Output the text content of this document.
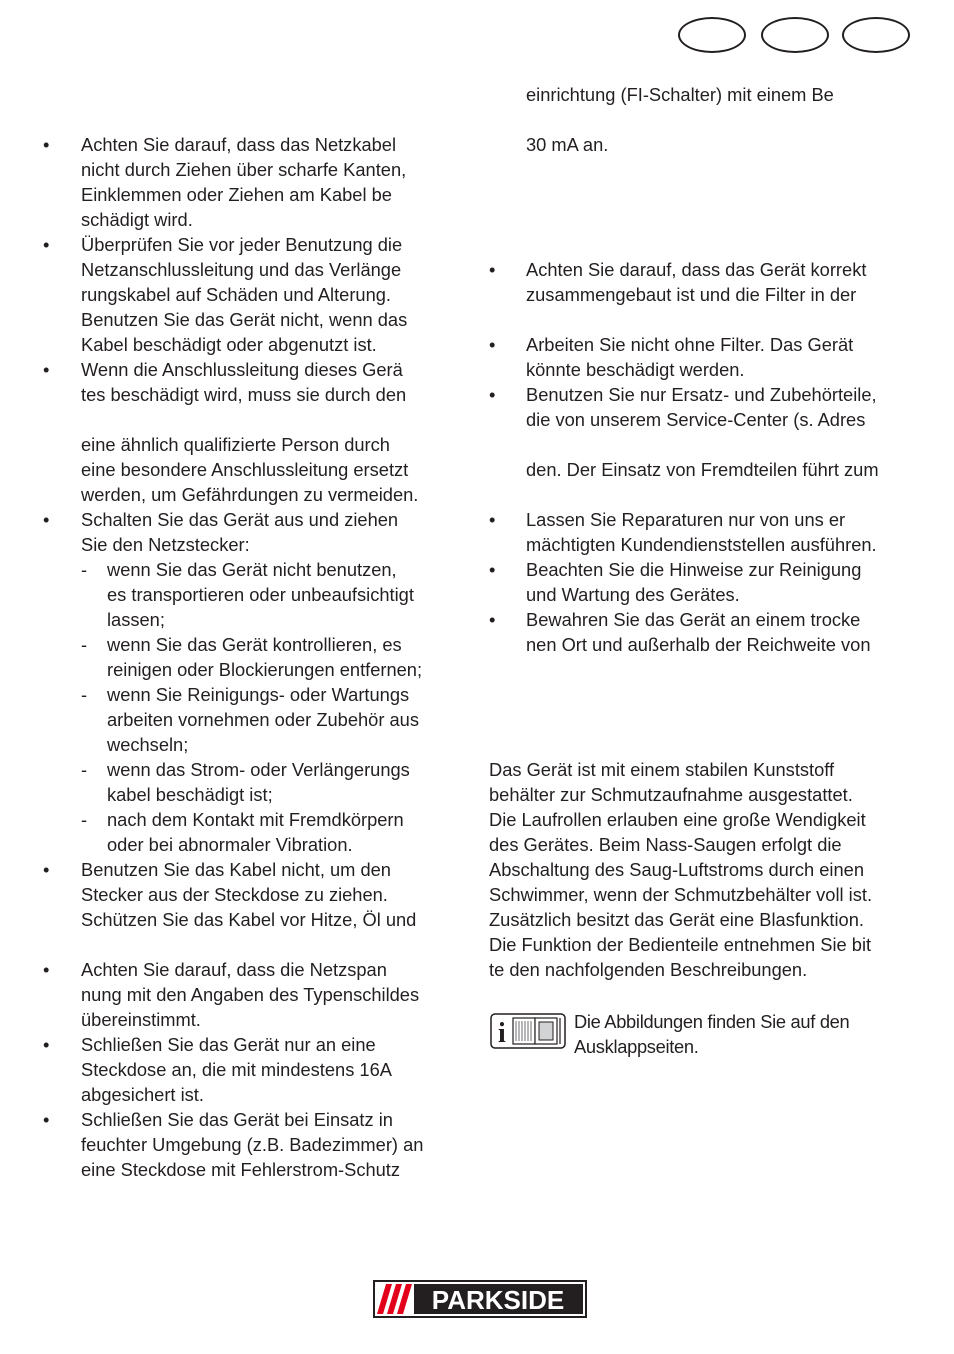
• Achten Sie darauf, dass das Netzkabel
nicht durch Ziehen über scharfe Kanten,
Einklemmen oder Ziehen am Kabel be
schädigt wird.
• Überprüfen Sie vor jeder Benutzung die
Netzanschlussleitung und das Verlänge
rungskabel auf Schäden und Alterung.
Benutzen Sie das Gerät nicht, wenn das
Kabel beschädigt oder abgenutzt ist.
• Wenn die Anschlussleitung dieses Gerä
tes beschädigt wird, muss sie durch den
eine ähnlich qualifizierte Person durch
eine besondere Anschlussleitung ersetzt
werden, um Gefährdungen zu vermeiden.
• Schalten Sie das Gerät aus und ziehen
Sie den Netzstecker:
- wenn Sie das Gerät nicht benutzen,
es transportieren oder unbeaufsichtigt
lassen;
- wenn Sie das Gerät kontrollieren, es
reinigen oder Blockierungen entfernen;
- wenn Sie Reinigungs- oder Wartungs
arbeiten vornehmen oder Zubehör aus
wechseln;
- wenn das Strom- oder Verlängerungs
kabel beschädigt ist;
- nach dem Kontakt mit Fremdkörpern
oder bei abnormaler Vibration.
• Benutzen Sie das Kabel nicht, um den
Stecker aus der Steckdose zu ziehen.
Schützen Sie das Kabel vor Hitze, Öl und
• Achten Sie darauf, dass die Netzspan
nung mit den Angaben des Typenschildes
übereinstimmt.
• Schließen Sie das Gerät nur an eine
Steckdose an, die mit mindestens 16A
abgesichert ist.
• Schließen Sie das Gerät bei Einsatz in
feuchter Umgebung (z.B. Badezimmer) an
eine Steckdose mit Fehlerstrom-Schutz
einrichtung (FI-Schalter) mit einem Be
30 mA an.
• Achten Sie darauf, dass das Gerät korrekt
zusammengebaut ist und die Filter in der
• Arbeiten Sie nicht ohne Filter. Das Gerät
könnte beschädigt werden.
• Benutzen Sie nur Ersatz- und Zubehörteile,
die von unserem Service-Center (s. Adres
den. Der Einsatz von Fremdteilen führt zum
• Lassen Sie Reparaturen nur von uns er
mächtigten Kundendienststellen ausführen.
• Beachten Sie die Hinweise zur Reinigung
und Wartung des Gerätes.
• Bewahren Sie das Gerät an einem trocke
nen Ort und außerhalb der Reichweite von
Das Gerät ist mit einem stabilen Kunststoff
behälter zur Schmutzaufnahme ausgestattet.
Die Laufrollen erlauben eine große Wendigkeit
des Gerätes. Beim Nass-Saugen erfolgt die
Abschaltung des Saug-Luftstroms durch einen
Schwimmer, wenn der Schmutzbehälter voll ist.
Zusätzlich besitzt das Gerät eine Blasfunktion.
Die Funktion der Bedienteile entnehmen Sie bit
te den nachfolgenden Beschreibungen.
i	Die Abbildungen finden Sie auf den
Ausklappseiten.
PARKSIDE
